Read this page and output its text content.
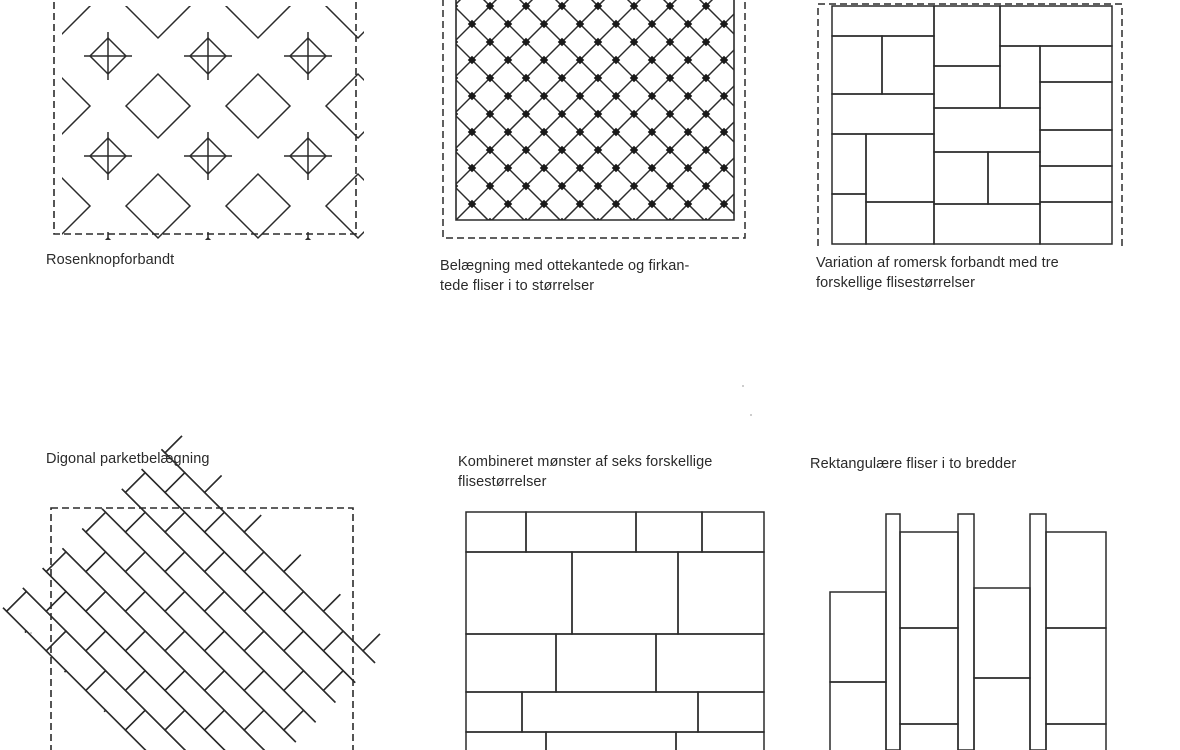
Rosenknopforbandt	Belægning med ottekantede og firkan-
tede fliser i to størrelser

Variation af romersk forbandt med tre
forskellige flisestørrelser

Digonal parketbelægning	Kombineret mønster af seks forskellige
flisestørrelser

Rektangulære fliser i to bredder
